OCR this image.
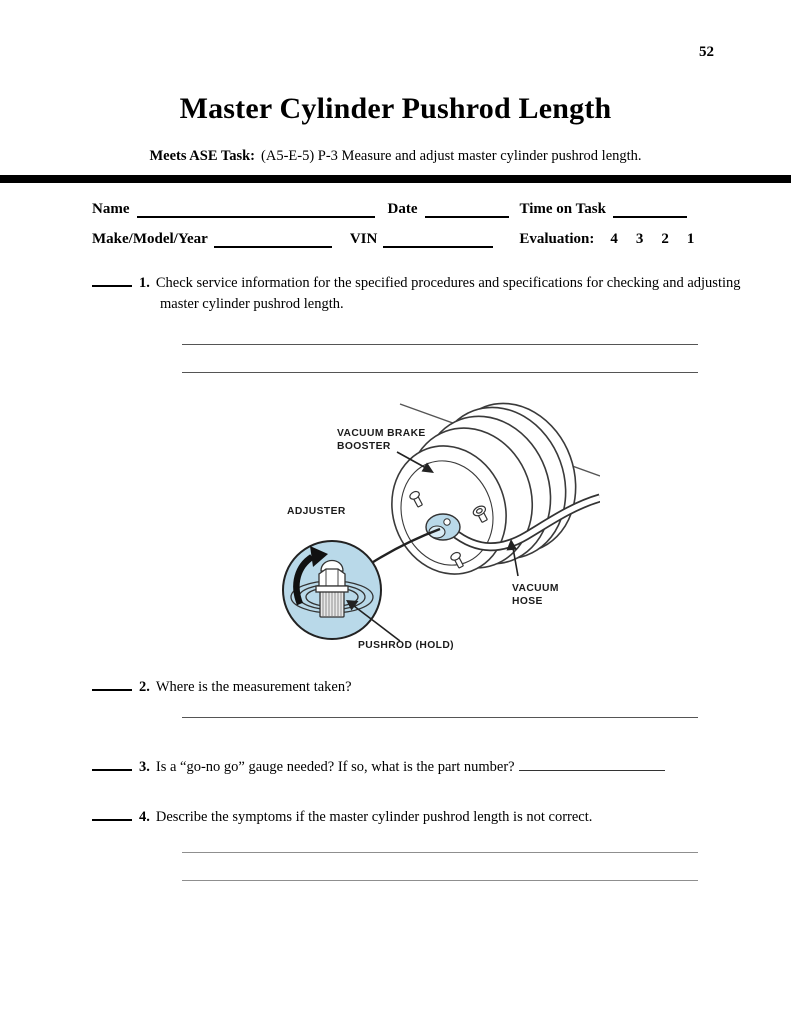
52
Master Cylinder Pushrod Length
Meets ASE Task: (A5-E-5) P-3 Measure and adjust master cylinder pushrod length.
Name	Date	Time on Task
Make/Model/Year	VIN	Evaluation: 4 3 2 1
1. Check service information for the specified procedures and specifications for checking and adjusting master cylinder pushrod length.
VACUUM BRAKE
BOOSTER
ADJUSTER
VACUUM
HOSE
PUSHROD (HOLD)
2. Where is the measurement taken?
3. Is a “go-no go” gauge needed? If so, what is the part number?
4. Describe the symptoms if the master cylinder pushrod length is not correct.
